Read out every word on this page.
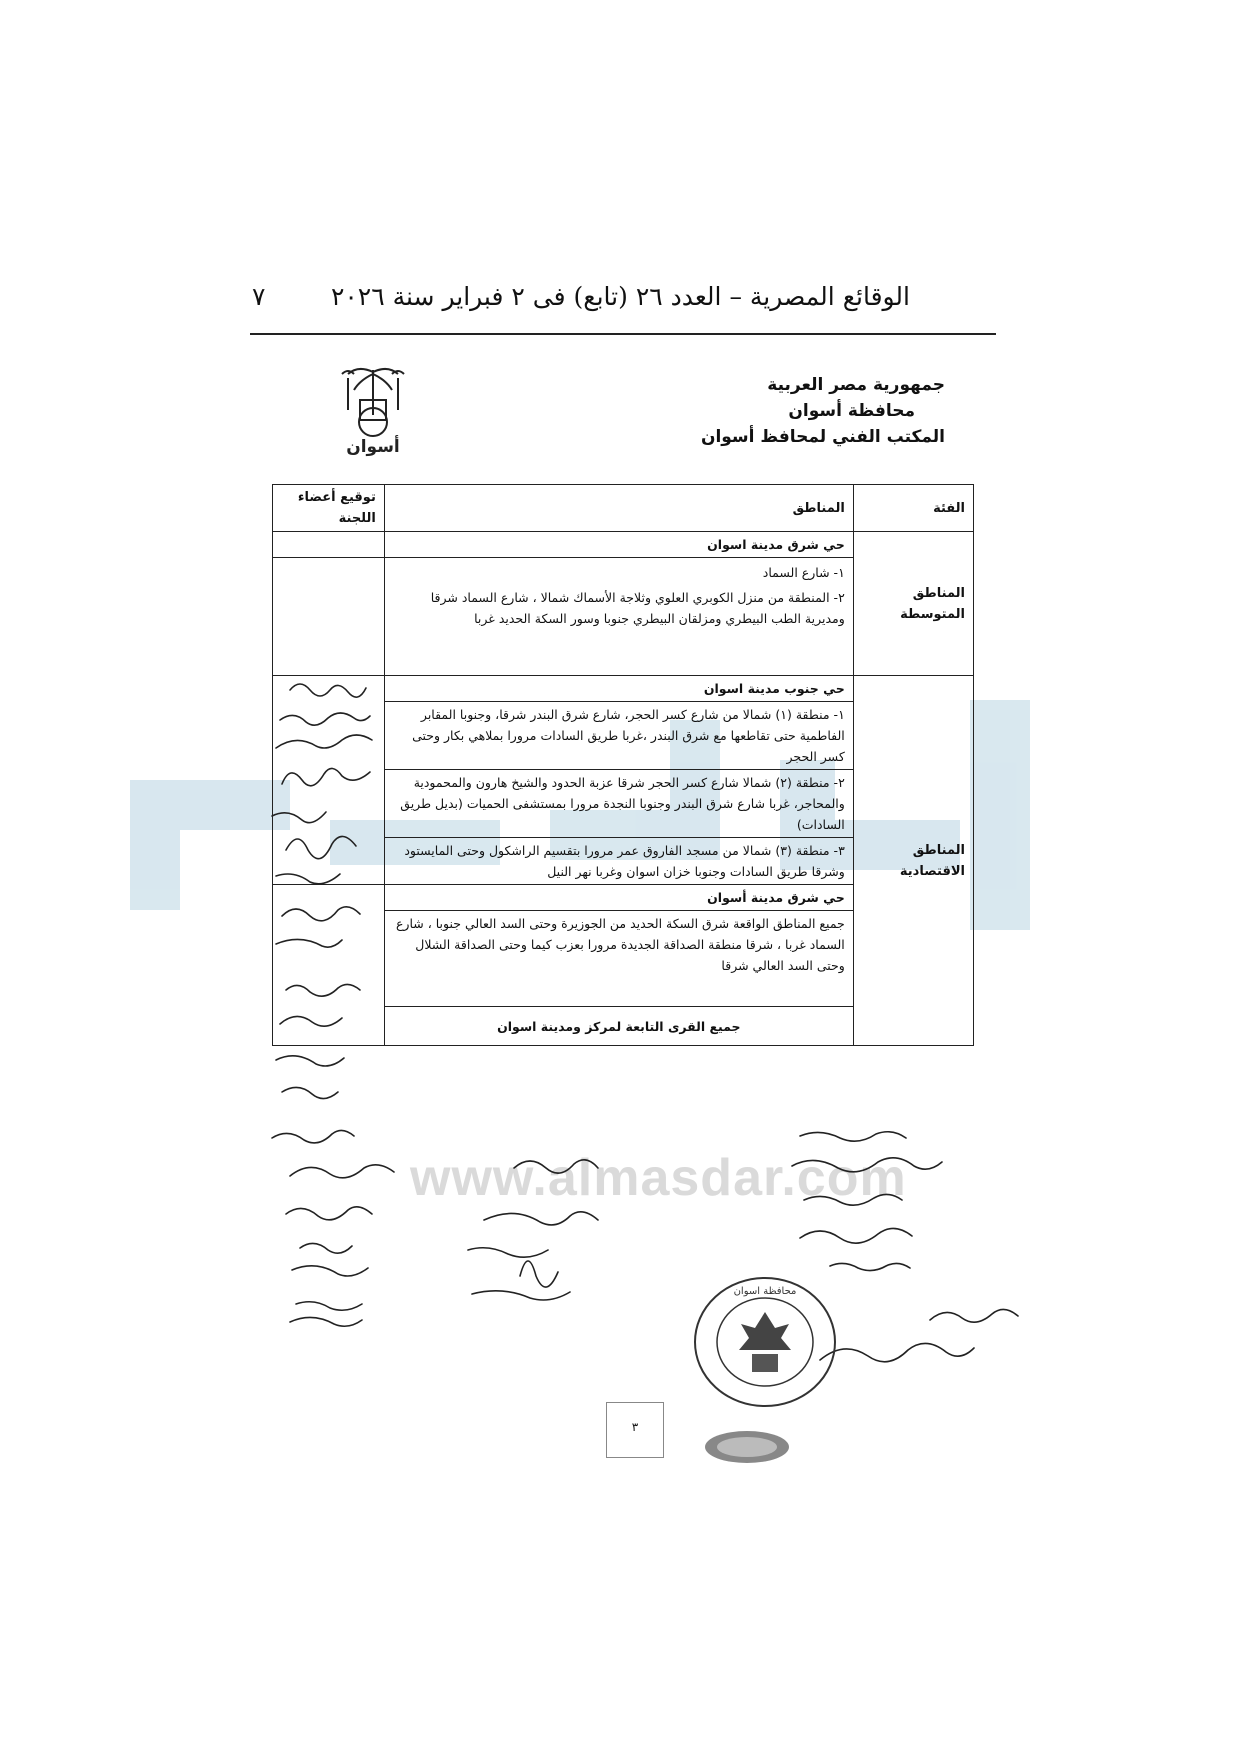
www.almasdar.com
الوقائع المصرية – العدد ٢٦ (تابع) فى ٢ فبراير سنة ٢٠٢٦
٧
جمهورية مصر العربية
محافظة أسوان
المكتب الفني لمحافظ أسوان
أسوان
الفئة	المناطق	توقيع أعضاء اللجنة
المناطق المتوسطة	حي شرق مدينة اسوان	

	١- شارع السماد
٢- المنطقة من منزل الكوبري العلوي وثلاجة الأسماك شمالا ، شارع السماد شرقا ومديرية الطب البيطري ومزلقان البيطري جنوبا وسور السكة الحديد غربا	

المناطق الاقتصادية	حي جنوب مدينة اسوان	
	١- منطقة (١) شمالا من شارع كسر الحجر، شارع شرق البندر شرقا، وجنوبا المقابر الفاطمية حتى تقاطعها مع شرق البندر ،غربا طريق السادات مرورا بملاهي بكار وحتى كسر الحجر	
	٢- منطقة (٢) شمالا شارع كسر الحجر شرقا عزبة الحدود والشيخ هارون والمحمودية والمحاجر، غربا شارع شرق البندر وجنوبا النجدة مرورا بمستشفى الحميات (بديل طريق السادات)	
	٣- منطقة (٣) شمالا من مسجد الفاروق عمر مرورا بتقسيم الراشكول وحتى المايستود وشرقا طريق السادات وجنوبا خزان اسوان وغربا نهر النيل	
	حي شرق مدينة أسوان	
	جميع المناطق الواقعة شرق السكة الحديد من الجوزيرة وحتى السد العالي جنوبا ، شارع السماد غربا ، شرقا منطقة الصداقة الجديدة مرورا بعزب كيما وحتى الصداقة الشلال وحتى السد العالي شرقا	
	جميع القرى التابعة لمركز ومدينة اسوان	
محافظة اسوان
٣
